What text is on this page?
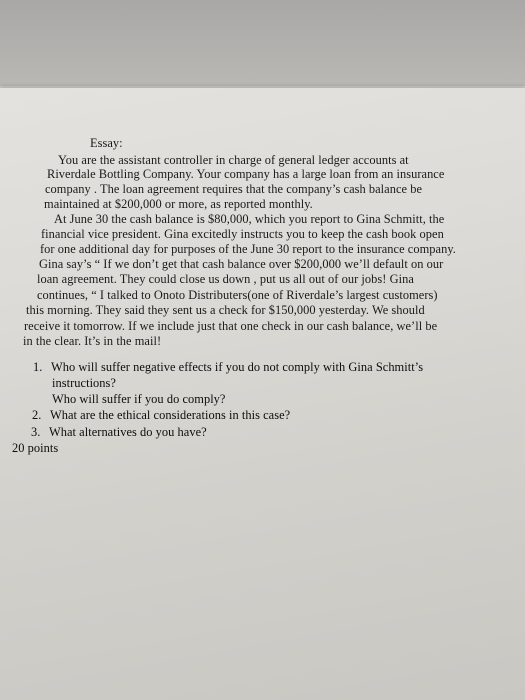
Essay:
You are the assistant controller in charge of general ledger accounts at
Riverdale Bottling Company. Your company has a large loan from an insurance
company . The loan agreement requires that the company’s cash balance be
maintained at $200,000 or more, as reported monthly.
At June 30 the cash balance is $80,000, which you report to Gina Schmitt, the
financial vice president. Gina excitedly instructs you to keep the cash book open
for one additional day for purposes of the June 30 report to the insurance company.
Gina say’s “ If we don’t get that cash balance over $200,000 we’ll default on our
loan agreement. They could close us down , put us all out of our jobs! Gina
continues, “ I talked to Onoto Distributers(one of Riverdale’s largest customers)
this morning. They said they sent us a check for $150,000 yesterday. We should
receive it tomorrow. If we include just that one check in our cash balance, we’ll be
in the clear. It’s in the mail!
1. Who will suffer negative effects if you do not comply with Gina Schmitt’s
instructions?
Who will suffer if you do comply?
2. What are the ethical considerations in this case?
3. What alternatives do you have?
20 points
